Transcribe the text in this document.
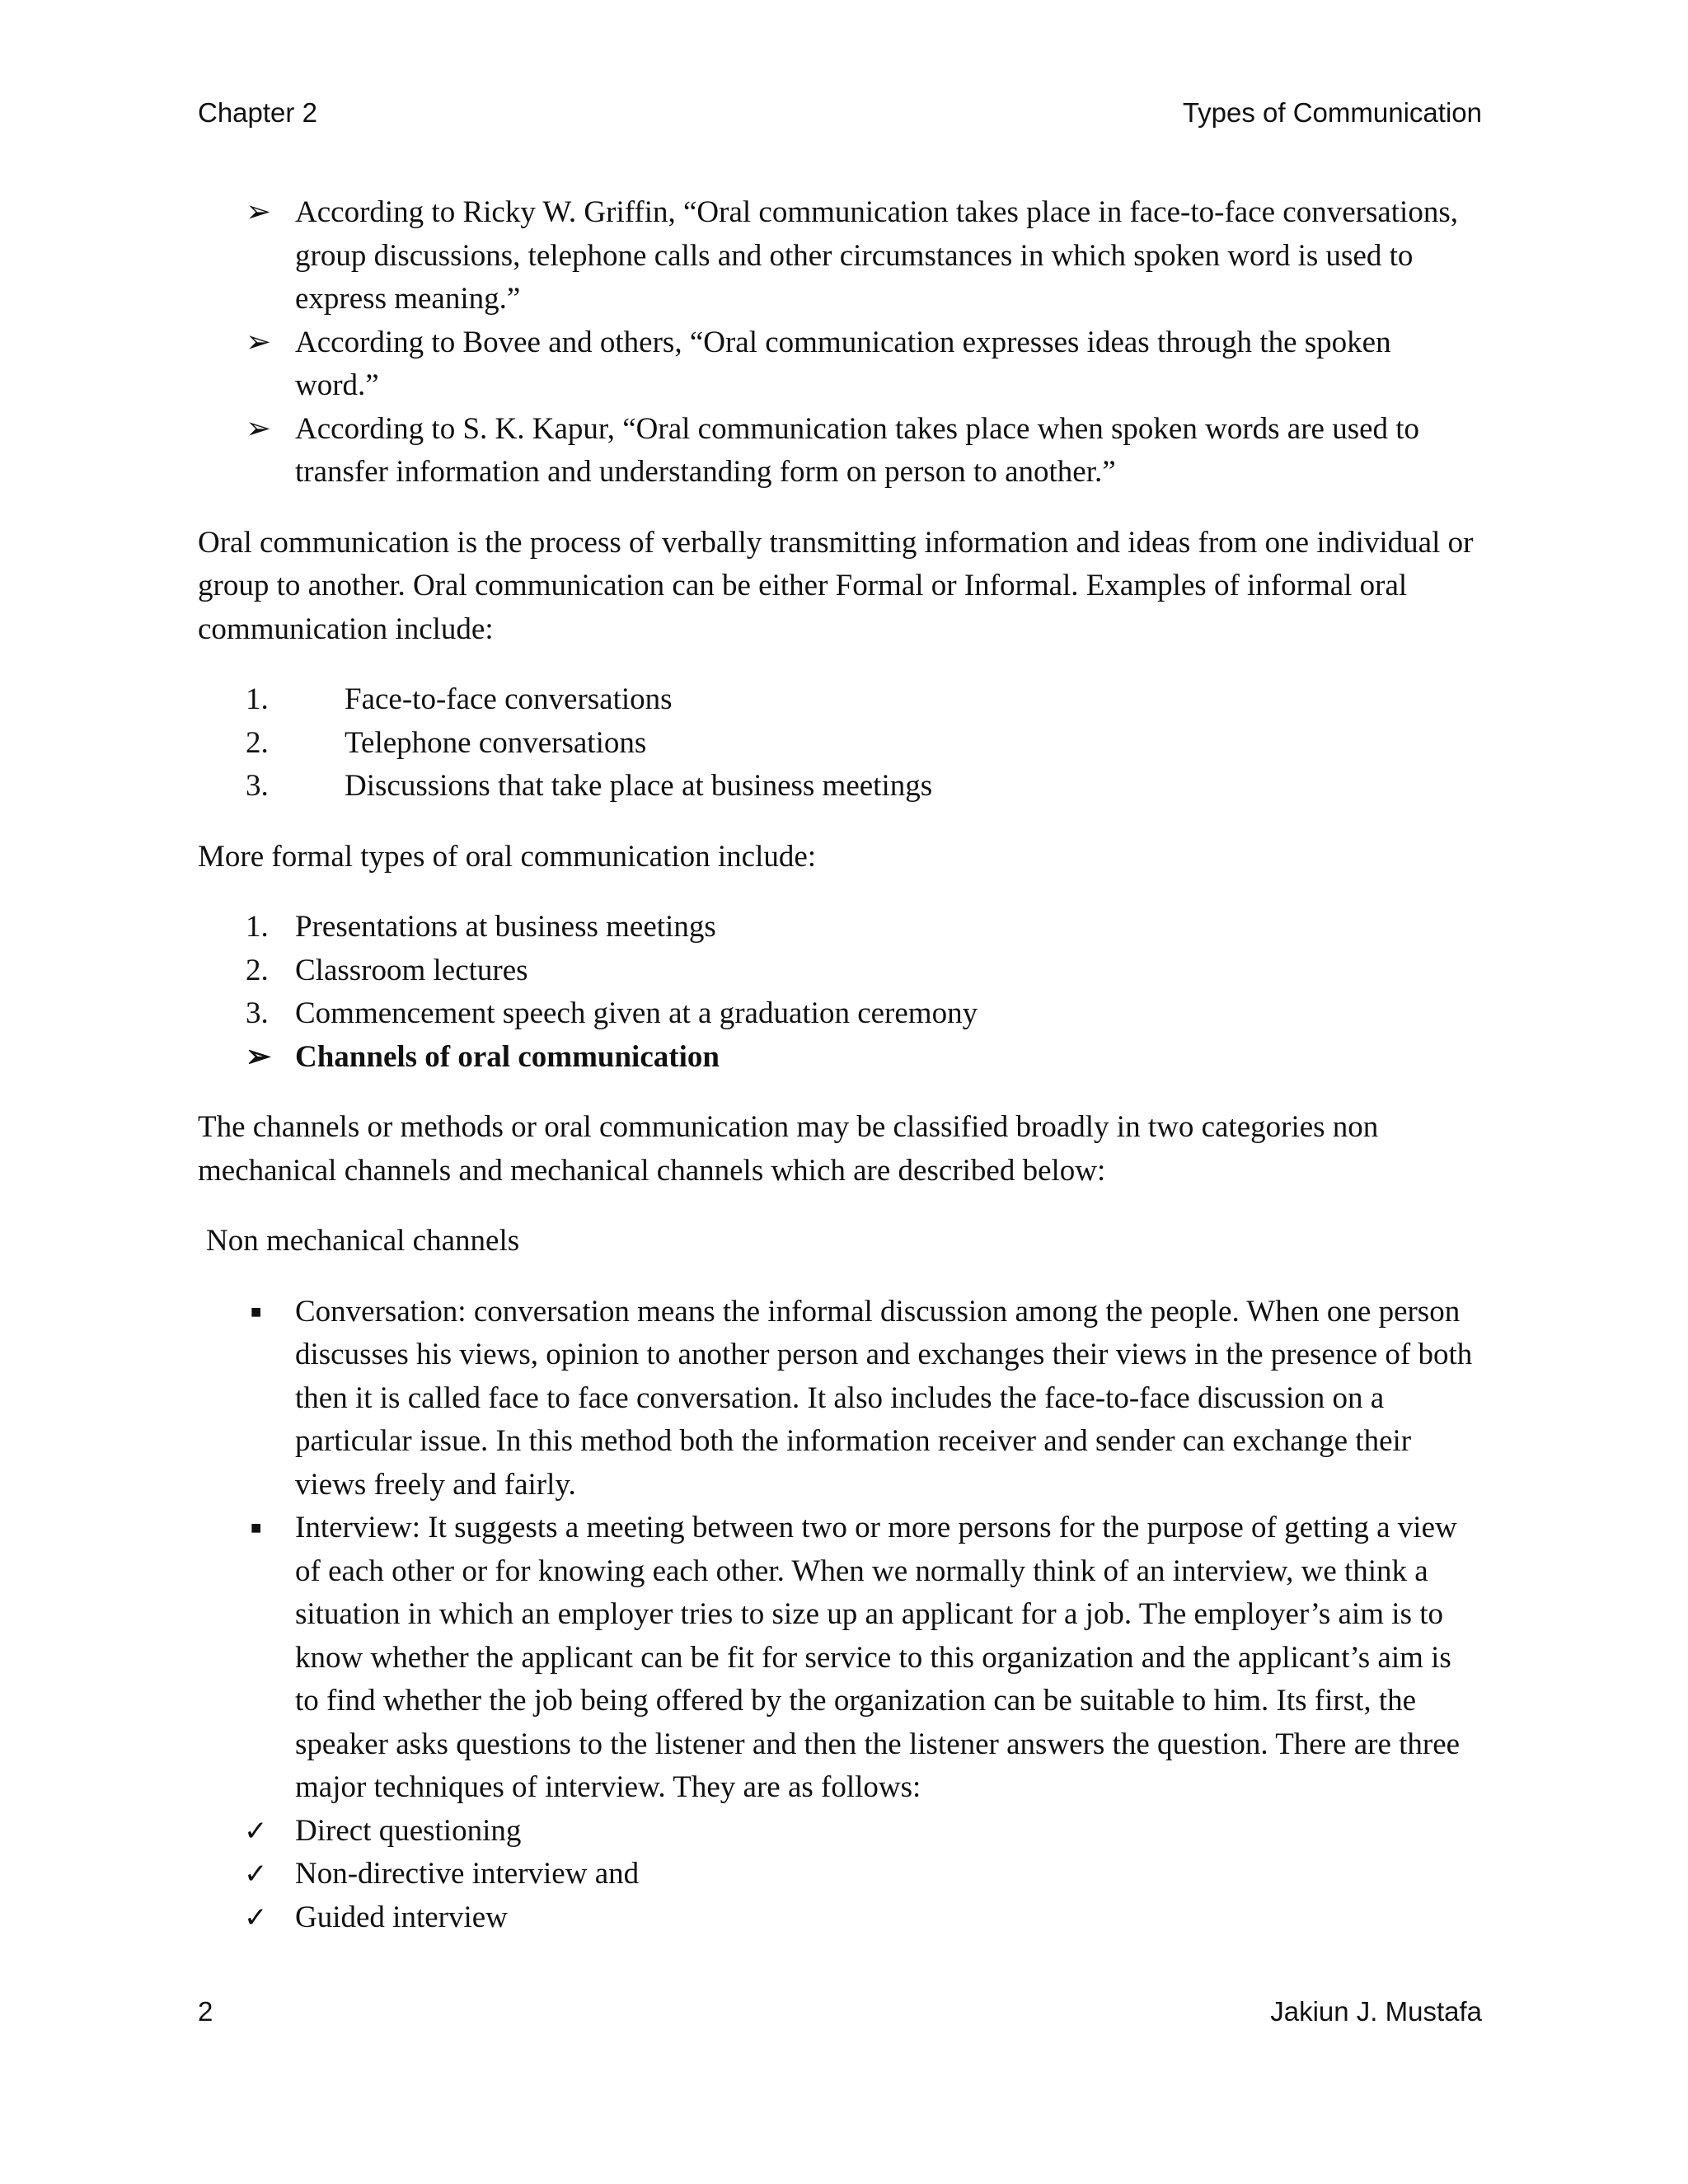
Chapter 2	Types of Communication
➢ According to Ricky W. Griffin, “Oral communication takes place in face-to-face conversations, group discussions, telephone calls and other circumstances in which spoken word is used to express meaning.”
➢ According to Bovee and others, “Oral communication expresses ideas through the spoken word.”
➢ According to S. K. Kapur, “Oral communication takes place when spoken words are used to transfer information and understanding form on person to another.”

Oral communication is the process of verbally transmitting information and ideas from one individual or group to another. Oral communication can be either Formal or Informal. Examples of informal oral communication include:

1. Face-to-face conversations
2. Telephone conversations
3. Discussions that take place at business meetings

More formal types of oral communication include:

1. Presentations at business meetings
2. Classroom lectures
3. Commencement speech given at a graduation ceremony
➢ Channels of oral communication

The channels or methods or oral communication may be classified broadly in two categories non mechanical channels and mechanical channels which are described below:

Non mechanical channels

■ Conversation: conversation means the informal discussion among the people. When one person discusses his views, opinion to another person and exchanges their views in the presence of both then it is called face to face conversation. It also includes the face-to-face discussion on a particular issue. In this method both the information receiver and sender can exchange their views freely and fairly.
■ Interview: It suggests a meeting between two or more persons for the purpose of getting a view of each other or for knowing each other. When we normally think of an interview, we think a situation in which an employer tries to size up an applicant for a job. The employer’s aim is to know whether the applicant can be fit for service to this organization and the applicant’s aim is to find whether the job being offered by the organization can be suitable to him. Its first, the speaker asks questions to the listener and then the listener answers the question. There are three major techniques of interview. They are as follows:
✓ Direct questioning
✓ Non-directive interview and
✓ Guided interview
2	Jakiun J. Mustafa
